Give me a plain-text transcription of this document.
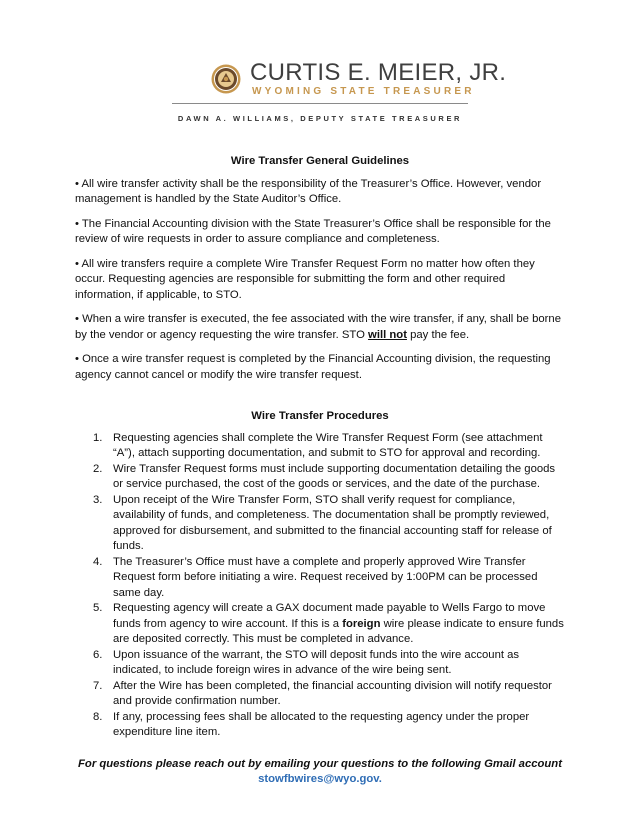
CURTIS E. MEIER, JR.
WYOMING STATE TREASURER
DAWN A. WILLIAMS, DEPUTY STATE TREASURER
Wire Transfer General Guidelines

• All wire transfer activity shall be the responsibility of the Treasurer’s Office. However, vendor management is handled by the State Auditor’s Office.

• The Financial Accounting division with the State Treasurer’s Office shall be responsible for the review of wire requests in order to assure compliance and completeness.

• All wire transfers require a complete Wire Transfer Request Form no matter how often they occur. Requesting agencies are responsible for submitting the form and other required information, if applicable, to STO.

• When a wire transfer is executed, the fee associated with the wire transfer, if any, shall be borne by the vendor or agency requesting the wire transfer. STO will not pay the fee.

• Once a wire transfer request is completed by the Financial Accounting division, the requesting agency cannot cancel or modify the wire transfer request.

Wire Transfer Procedures
1. Requesting agencies shall complete the Wire Transfer Request Form (see attachment “A”), attach supporting documentation, and submit to STO for approval and recording.
2. Wire Transfer Request forms must include supporting documentation detailing the goods or service purchased, the cost of the goods or services, and the date of the purchase.
3. Upon receipt of the Wire Transfer Form, STO shall verify request for compliance, availability of funds, and completeness. The documentation shall be promptly reviewed, approved for disbursement, and submitted to the financial accounting staff for release of funds.
4. The Treasurer’s Office must have a complete and properly approved Wire Transfer Request form before initiating a wire. Request received by 1:00PM can be processed same day.
5. Requesting agency will create a GAX document made payable to Wells Fargo to move funds from agency to wire account. If this is a foreign wire please indicate to ensure funds are deposited correctly. This must be completed in advance.
6. Upon issuance of the warrant, the STO will deposit funds into the wire account as indicated, to include foreign wires in advance of the wire being sent.
7. After the Wire has been completed, the financial accounting division will notify requestor and provide confirmation number.
8. If any, processing fees shall be allocated to the requesting agency under the proper expenditure line item.
For questions please reach out by emailing your questions to the following Gmail account
stowfbwires@wyo.gov.
